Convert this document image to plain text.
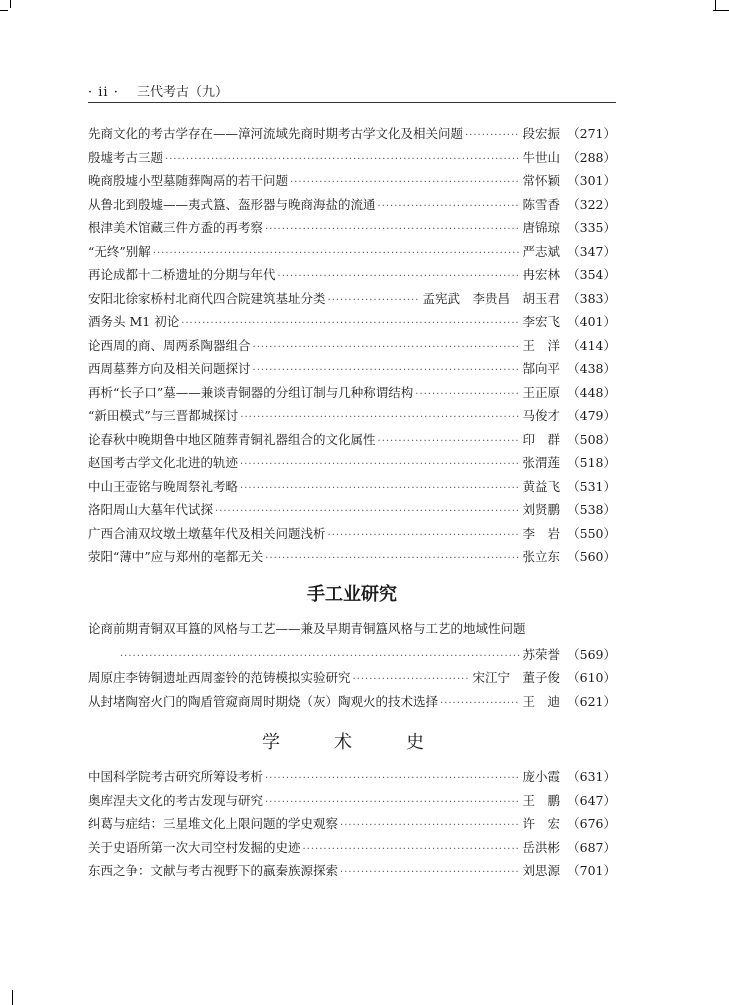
· ii · 三代考古（九）
先商文化的考古学存在——漳河流域先商时期考古学文化及相关问题 ·····	段宏振 （271）
殷墟考古三题 ·····	牛世山 （288）
晚商殷墟小型墓随葬陶鬲的若干问题 ·····	常怀颖 （301）
从鲁北到殷墟——夷式簋、盔形器与晚商海盐的流通 ·····	陈雪香 （322）
根津美术馆藏三件方盉的再考察 ·····	唐锦琼 （335）
“无终”别解 ·····	严志斌 （347）
再论成都十二桥遗址的分期与年代 ·····	冉宏林 （354）
安阳北徐家桥村北商代四合院建筑基址分类 ·····	孟宪武　李贵昌　胡玉君 （383）
酒务头 M1 初论 ·····	李宏飞 （401）
论西周的商、周两系陶器组合 ·····	王　洋 （414）
西周墓葬方向及相关问题探讨 ·····	郜向平 （438）
再析“长子口”墓——兼谈青铜器的分组订制与几种称谓结构 ·····	王正原 （448）
“新田模式”与三晋都城探讨 ·····	马俊才 （479）
论春秋中晚期鲁中地区随葬青铜礼器组合的文化属性 ·····	印　群 （508）
赵国考古学文化北进的轨迹 ·····	张渭莲 （518）
中山王壶铭与晚周祭礼考略 ·····	黄益飞 （531）
洛阳周山大墓年代试探 ·····	刘贤鹏 （538）
广西合浦双坟墩土墩墓年代及相关问题浅析 ·····	李　岩 （550）
荥阳“薄中”应与郑州的亳都无关 ·····	张立东 （560）
手工业研究
论商前期青铜双耳簋的风格与工艺——兼及早期青铜簋风格与工艺的地域性问题
·····
苏荣誉 （569）
周原庄李铸铜遗址西周銮铃的范铸模拟实验研究 ·····	宋江宁　董子俊 （610）
从封堵陶窑火门的陶盾管窥商周时期烧（灰）陶观火的技术选择 ·····	王　迪 （621）
学　术　史
中国科学院考古研究所筹设考析 ·····	庞小霞 （631）
奥库涅夫文化的考古发现与研究 ·····	王　鹏 （647）
纠葛与症结：三星堆文化上限问题的学史观察 ·····	许　宏 （676）
关于史语所第一次大司空村发掘的史迹 ·····	岳洪彬 （687）
东西之争：文献与考古视野下的嬴秦族源探索 ·····	刘思源 （701）
